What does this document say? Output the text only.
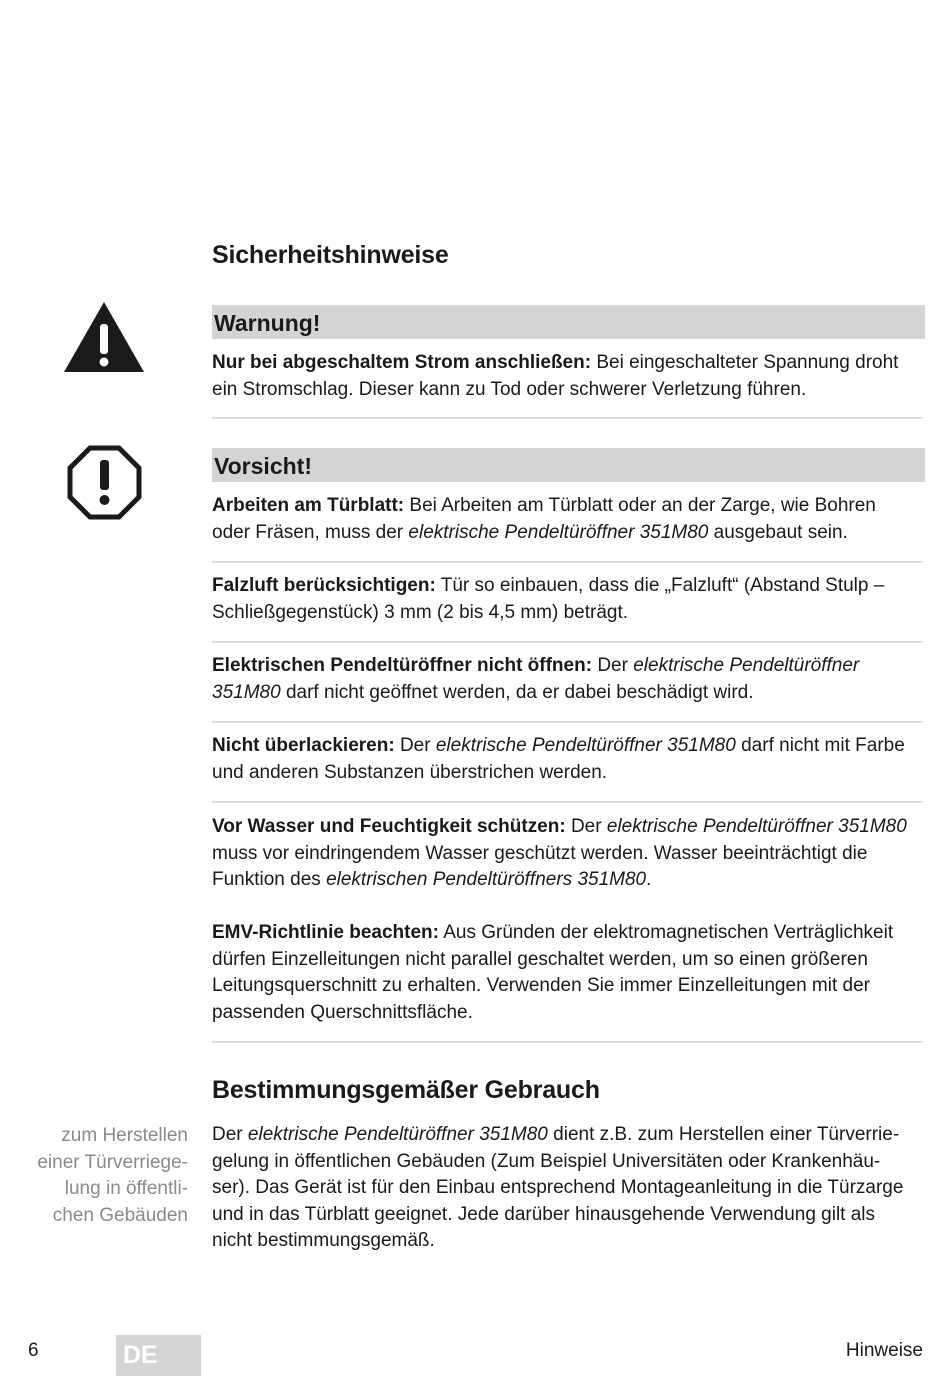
Sicherheitshinweise
Warnung!

Nur bei abgeschaltem Strom anschließen: Bei eingeschalteter Spannung droht

ein Stromschlag. Dieser kann zu Tod oder schwerer Verletzung führen.

Vorsicht!

Arbeiten am Türblatt: Bei Arbeiten am Türblatt oder an der Zarge, wie Bohren

oder Fräsen, muss der elektrische Pendeltüröffner 351M80 ausgebaut sein.

Falzluft berücksichtigen: Tür so einbauen, dass die „Falzluft“ (Abstand Stulp –

Schließgegenstück) 3 mm (2 bis 4,5 mm) beträgt.

Elektrischen Pendeltüröffner nicht öffnen: Der elektrische Pendeltüröffner

351M80 darf nicht geöffnet werden, da er dabei beschädigt wird.

Nicht überlackieren: Der elektrische Pendeltüröffner 351M80 darf nicht mit Farbe

und anderen Substanzen überstrichen werden.

Vor Wasser und Feuchtigkeit schützen: Der elektrische Pendeltüröffner 351M80

muss vor eindringendem Wasser geschützt werden. Wasser beeinträchtigt die

Funktion des elektrischen Pendeltüröffners 351M80.

EMV-Richtlinie beachten: Aus Gründen der elektromagnetischen Verträglichkeit

dürfen Einzelleitungen nicht parallel geschaltet werden, um so einen größeren

Leitungsquerschnitt zu erhalten. Verwenden Sie immer Einzelleitungen mit der

passenden Querschnittsfläche.

Bestimmungsgemäßer Gebrauch
zum Herstellen
einer Türverriege-
lung in öffentli-
chen Gebäuden

Der elektrische Pendeltüröffner 351M80 dient z.B. zum Herstellen einer Türverrie-

gelung in öffentlichen Gebäuden (Zum Beispiel Universitäten oder Krankenhäu-

ser). Das Gerät ist für den Einbau entsprechend Montageanleitung in die Türzarge

und in das Türblatt geeignet. Jede darüber hinausgehende Verwendung gilt als

nicht bestimmungsgemäß.

6	DE	Hinweise
